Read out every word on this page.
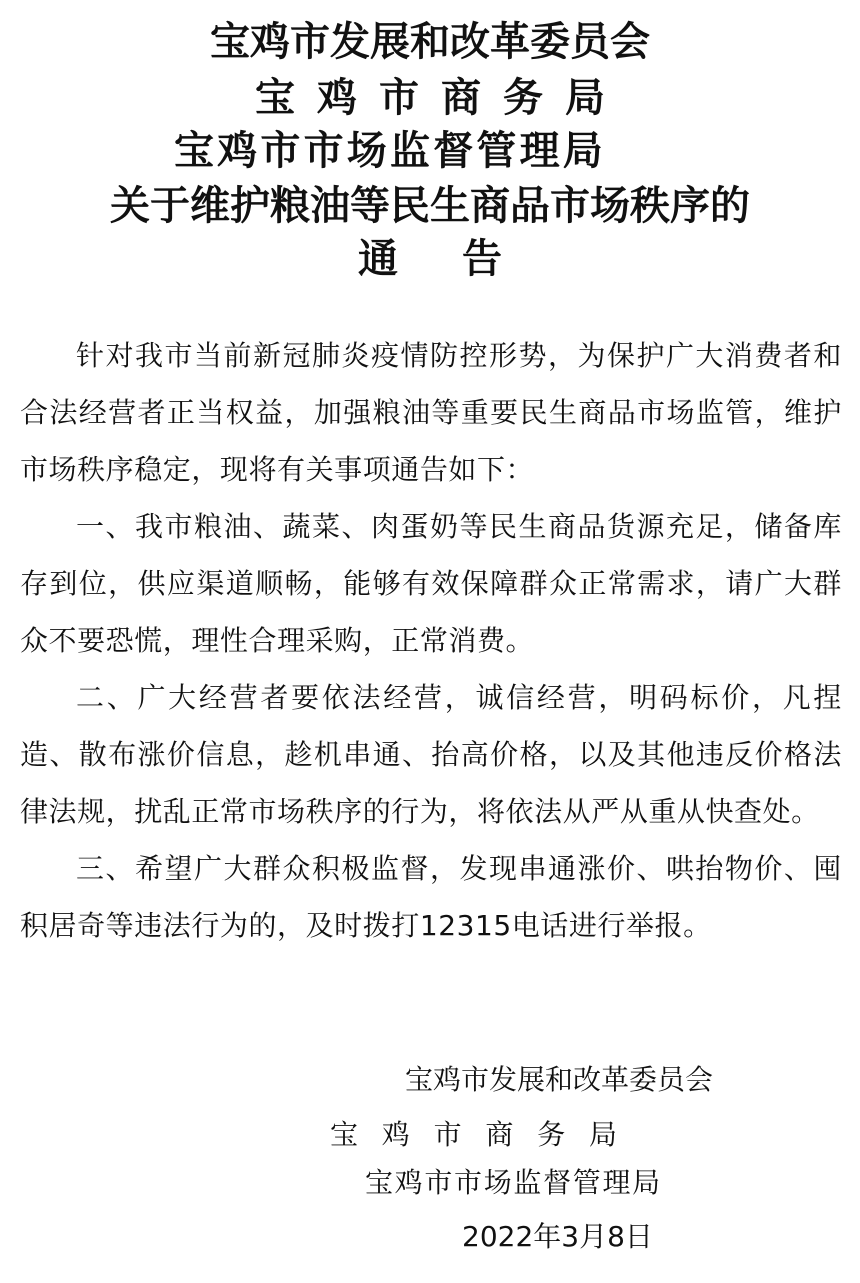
宝鸡市发展和改革委员会
宝鸡市商务局
宝鸡市市场监督管理局
关于维护粮油等民生商品市场秩序的
通告

针对我市当前新冠肺炎疫情防控形势，为保护广大消费者和合法经营者正当权益，加强粮油等重要民生商品市场监管，维护市场秩序稳定，现将有关事项通告如下：

一、我市粮油、蔬菜、肉蛋奶等民生商品货源充足，储备库存到位，供应渠道顺畅，能够有效保障群众正常需求，请广大群众不要恐慌，理性合理采购，正常消费。

二、广大经营者要依法经营，诚信经营，明码标价，凡捏造、散布涨价信息，趁机串通、抬高价格，以及其他违反价格法律法规，扰乱正常市场秩序的行为，将依法从严从重从快查处。

三、希望广大群众积极监督，发现串通涨价、哄抬物价、囤积居奇等违法行为的，及时拨打12315电话进行举报。

宝鸡市发展和改革委员会
宝鸡市商务局
宝鸡市市场监督管理局
2022年3月8日
